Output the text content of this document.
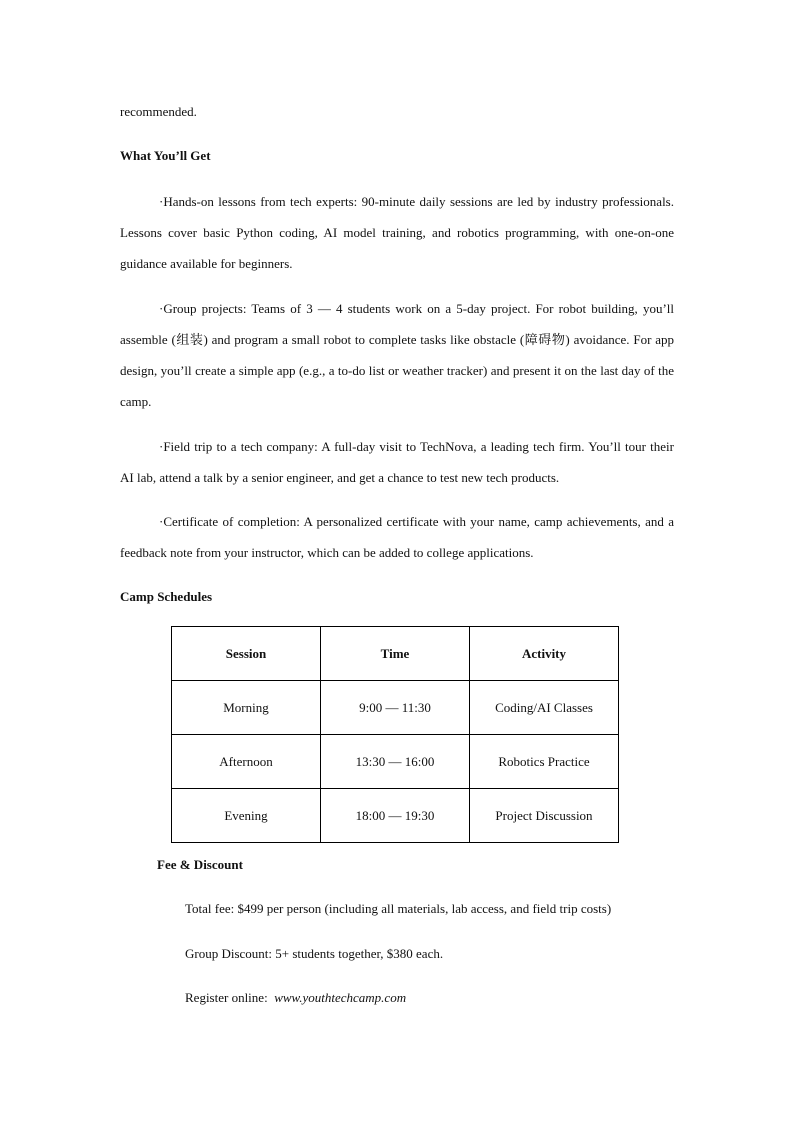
recommended.
What You’ll Get

·Hands-on lessons from tech experts: 90-minute daily sessions are led by industry professionals. Lessons cover basic Python coding, AI model training, and robotics programming, with one-on-one guidance available for beginners.

·Group projects: Teams of 3 — 4 students work on a 5-day project. For robot building, you’ll assemble (组装) and program a small robot to complete tasks like obstacle (障碍物) avoidance. For app design, you’ll create a simple app (e.g., a to-do list or weather tracker) and present it on the last day of the camp.

·Field trip to a tech company: A full-day visit to TechNova, a leading tech firm. You’ll tour their AI lab, attend a talk by a senior engineer, and get a chance to test new tech products.

·Certificate of completion: A personalized certificate with your name, camp achievements, and a feedback note from your instructor, which can be added to college applications.

Camp Schedules
Session	Time	Activity
Morning	9:00 — 11:30	Coding/AI Classes
Afternoon	13:30 — 16:00	Robotics Practice
Evening	18:00 — 19:30	Project Discussion
Fee & Discount
Total fee: $499 per person (including all materials, lab access, and field trip costs)
Group Discount: 5+ students together, $380 each.
Register online: www.youthtechcamp.com
